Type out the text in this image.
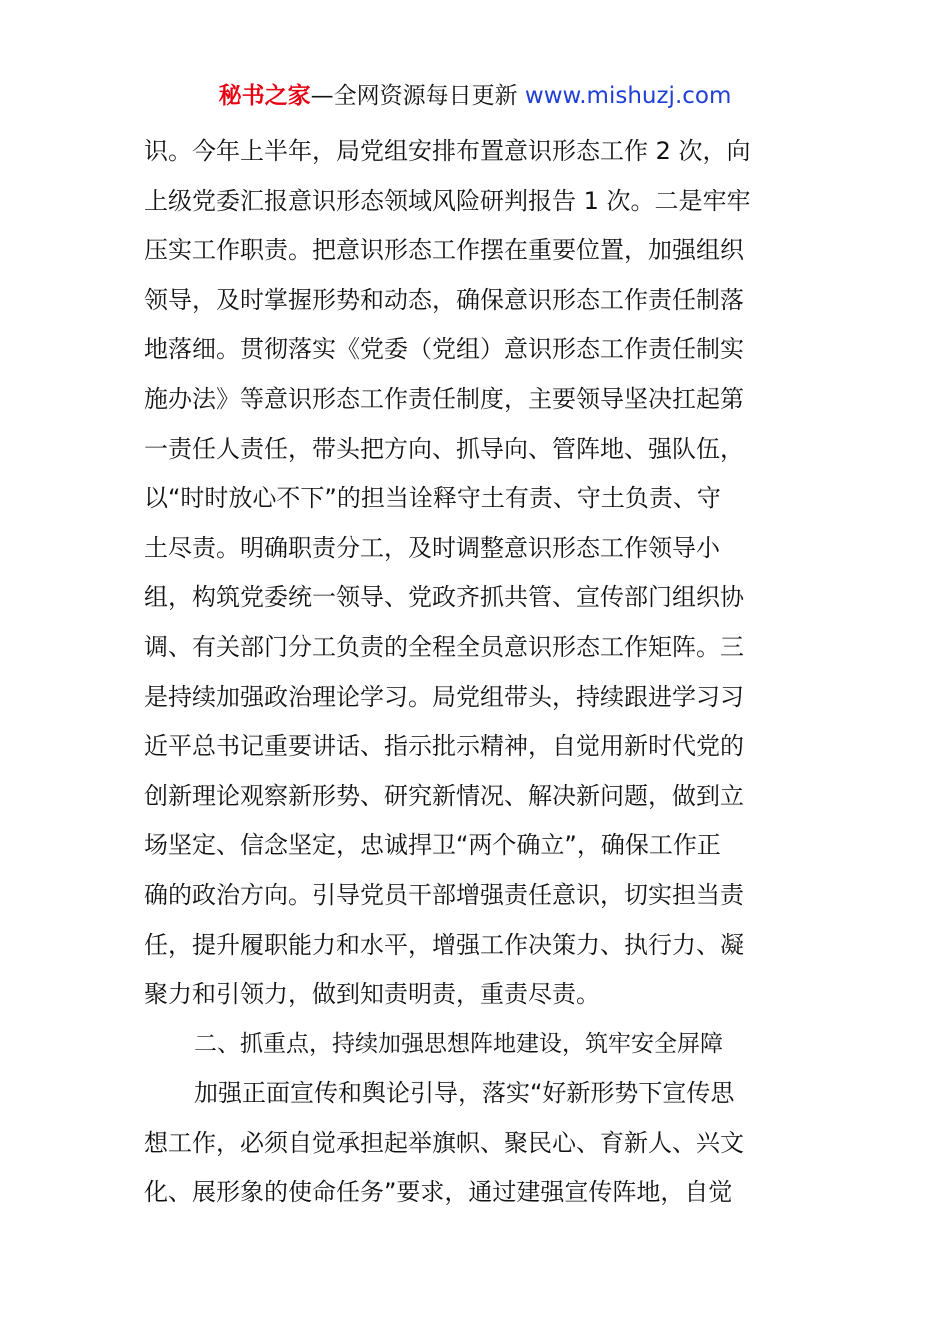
秘书之家—全网资源每日更新 www.mishuzj.com
识。今年上半年，局党组安排布置意识形态工作 2 次，向
上级党委汇报意识形态领域风险研判报告 1 次。二是牢牢
压实工作职责。把意识形态工作摆在重要位置，加强组织
领导，及时掌握形势和动态，确保意识形态工作责任制落
地落细。贯彻落实《党委（党组）意识形态工作责任制实
施办法》等意识形态工作责任制度，主要领导坚决扛起第
一责任人责任，带头把方向、抓导向、管阵地、强队伍，
以“时时放心不下”的担当诠释守土有责、守土负责、守
土尽责。明确职责分工，及时调整意识形态工作领导小
组，构筑党委统一领导、党政齐抓共管、宣传部门组织协
调、有关部门分工负责的全程全员意识形态工作矩阵。三
是持续加强政治理论学习。局党组带头，持续跟进学习习
近平总书记重要讲话、指示批示精神，自觉用新时代党的
创新理论观察新形势、研究新情况、解决新问题，做到立
场坚定、信念坚定，忠诚捍卫“两个确立”，确保工作正
确的政治方向。引导党员干部增强责任意识，切实担当责
任，提升履职能力和水平，增强工作决策力、执行力、凝
聚力和引领力，做到知责明责，重责尽责。
二、抓重点，持续加强思想阵地建设，筑牢安全屏障
加强正面宣传和舆论引导，落实“好新形势下宣传思
想工作，必须自觉承担起举旗帜、聚民心、育新人、兴文
化、展形象的使命任务”要求，通过建强宣传阵地，自觉
